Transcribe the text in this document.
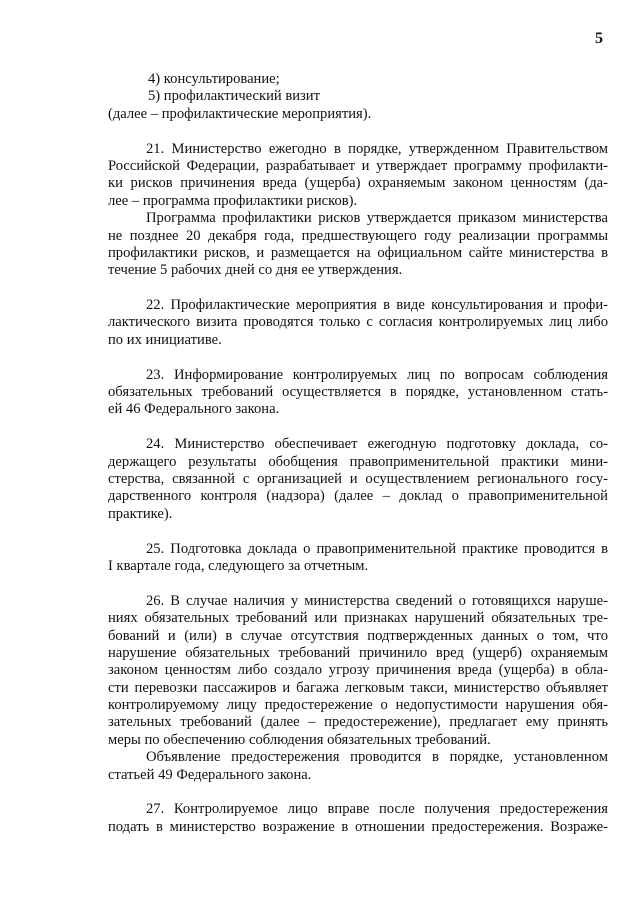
5
4) консультирование;
5) профилактический визит
(далее – профилактические мероприятия).
21. Министерство ежегодно в порядке, утвержденном Правительством
Российской Федерации, разрабатывает и утверждает программу профилакти-
ки рисков причинения вреда (ущерба) охраняемым законом ценностям (да-
лее – программа профилактики рисков).
Программа профилактики рисков утверждается приказом министерства
не позднее 20 декабря года, предшествующего году реализации программы
профилактики рисков, и размещается на официальном сайте министерства в
течение 5 рабочих дней со дня ее утверждения.
22. Профилактические мероприятия в виде консультирования и профи-
лактического визита проводятся только с согласия контролируемых лиц либо
по их инициативе.
23. Информирование контролируемых лиц по вопросам соблюдения
обязательных требований осуществляется в порядке, установленном стать-
ей 46 Федерального закона.
24. Министерство обеспечивает ежегодную подготовку доклада, со-
держащего результаты обобщения правоприменительной практики мини-
стерства, связанной с организацией и осуществлением регионального госу-
дарственного контроля (надзора) (далее – доклад о правоприменительной
практике).
25. Подготовка доклада о правоприменительной практике проводится в
I квартале года, следующего за отчетным.
26. В случае наличия у министерства сведений о готовящихся наруше-
ниях обязательных требований или признаках нарушений обязательных тре-
бований и (или) в случае отсутствия подтвержденных данных о том, что
нарушение обязательных требований причинило вред (ущерб) охраняемым
законом ценностям либо создало угрозу причинения вреда (ущерба) в обла-
сти перевозки пассажиров и багажа легковым такси, министерство объявляет
контролируемому лицу предостережение о недопустимости нарушения обя-
зательных требований (далее – предостережение), предлагает ему принять
меры по обеспечению соблюдения обязательных требований.
Объявление предостережения проводится в порядке, установленном
статьей 49 Федерального закона.
27. Контролируемое лицо вправе после получения предостережения
подать в министерство возражение в отношении предостережения. Возраже-
